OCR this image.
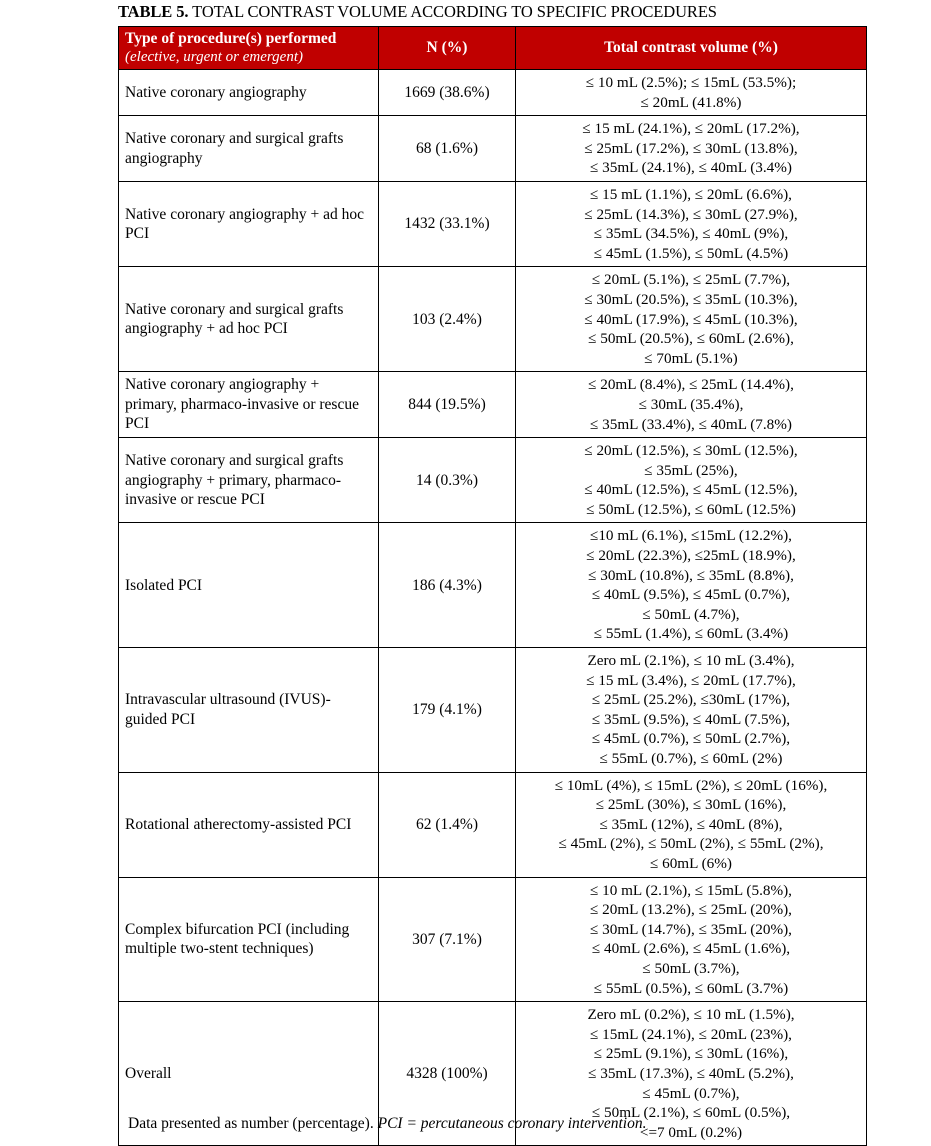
TABLE 5. TOTAL CONTRAST VOLUME ACCORDING TO SPECIFIC PROCEDURES
Type of procedure(s) performed
(elective, urgent or emergent)	N (%)	Total contrast volume (%)
Native coronary angiography	1669 (38.6%)	≤ 10 mL (2.5%); ≤ 15mL (53.5%);
≤ 20mL (41.8%)

Native coronary and surgical grafts angiography	68 (1.6%)	≤ 15 mL (24.1%), ≤ 20mL (17.2%),
≤ 25mL (17.2%), ≤ 30mL (13.8%),
≤ 35mL (24.1%), ≤ 40mL (3.4%)

Native coronary angiography + ad hoc PCI	1432 (33.1%)	≤ 15 mL (1.1%), ≤ 20mL (6.6%),
≤ 25mL (14.3%), ≤ 30mL (27.9%),
≤ 35mL (34.5%), ≤ 40mL (9%),
≤ 45mL (1.5%), ≤ 50mL (4.5%)

Native coronary and surgical grafts angiography + ad hoc PCI	103 (2.4%)	≤ 20mL (5.1%), ≤ 25mL (7.7%),
≤ 30mL (20.5%), ≤ 35mL (10.3%),
≤ 40mL (17.9%), ≤ 45mL (10.3%),
≤ 50mL (20.5%), ≤ 60mL (2.6%),
≤ 70mL (5.1%)

Native coronary angiography + primary, pharmaco-invasive or rescue PCI	844 (19.5%)	≤ 20mL (8.4%), ≤ 25mL (14.4%),
≤ 30mL (35.4%),
≤ 35mL (33.4%), ≤ 40mL (7.8%)

Native coronary and surgical grafts angiography + primary, pharmaco-invasive or rescue PCI	14 (0.3%)	≤ 20mL (12.5%), ≤ 30mL (12.5%),
≤ 35mL (25%),
≤ 40mL (12.5%), ≤ 45mL (12.5%),
≤ 50mL (12.5%), ≤ 60mL (12.5%)

Isolated PCI	186 (4.3%)	
≤10 mL (6.1%), ≤15mL (12.2%),
≤ 20mL (22.3%), ≤25mL (18.9%),
≤ 30mL (10.8%), ≤ 35mL (8.8%),
≤ 40mL (9.5%), ≤ 45mL (0.7%),
≤ 50mL (4.7%),
≤ 55mL (1.4%), ≤ 60mL (3.4%)

Intravascular ultrasound (IVUS)-guided PCI	179 (4.1%)	
Zero mL (2.1%), ≤ 10 mL (3.4%),
≤ 15 mL (3.4%), ≤ 20mL (17.7%),
≤ 25mL (25.2%), ≤30mL (17%),
≤ 35mL (9.5%), ≤ 40mL (7.5%),
≤ 45mL (0.7%), ≤ 50mL (2.7%),
≤ 55mL (0.7%), ≤ 60mL (2%)

Rotational atherectomy-assisted PCI	62 (1.4%)	≤ 10mL (4%), ≤ 15mL (2%), ≤ 20mL (16%),
≤ 25mL (30%), ≤ 30mL (16%),
≤ 35mL (12%), ≤ 40mL (8%),
≤ 45mL (2%), ≤ 50mL (2%), ≤ 55mL (2%),
≤ 60mL (6%)

Complex bifurcation PCI (including multiple two-stent techniques)	307 (7.1%)	
≤ 10 mL (2.1%), ≤ 15mL (5.8%),
≤ 20mL (13.2%), ≤ 25mL (20%),
≤ 30mL (14.7%), ≤ 35mL (20%),
≤ 40mL (2.6%), ≤ 45mL (1.6%),
≤ 50mL (3.7%),
≤ 55mL (0.5%), ≤ 60mL (3.7%)

Overall	4328 (100%)	
Zero mL (0.2%), ≤ 10 mL (1.5%),
≤ 15mL (24.1%), ≤ 20mL (23%),
≤ 25mL (9.1%), ≤ 30mL (16%),
≤ 35mL (17.3%), ≤ 40mL (5.2%),
≤ 45mL (0.7%),
≤ 50mL (2.1%), ≤ 60mL (0.5%),
<=7 0mL (0.2%)
Data presented as number (percentage). PCI = percutaneous coronary intervention.
